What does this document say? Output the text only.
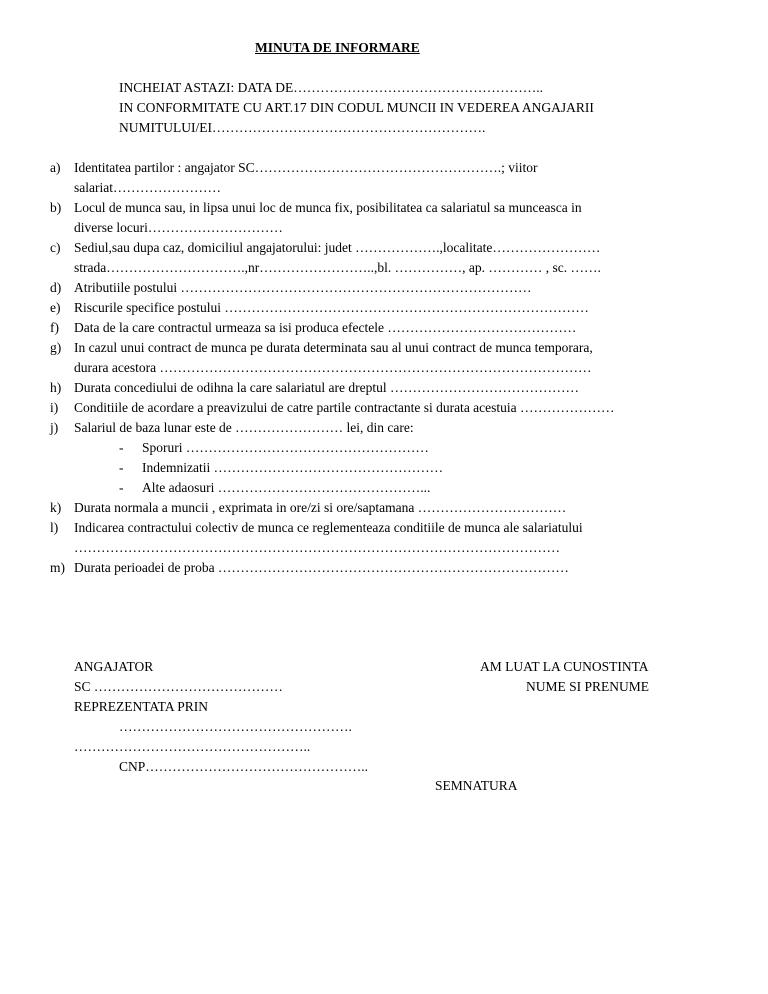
MINUTA DE INFORMARE
INCHEIAT ASTAZI: DATA DE………………………………………………..
IN CONFORMITATE CU ART.17 DIN CODUL MUNCII IN VEDEREA ANGAJARII
NUMITULUI/EI…………………………………………………….
a) Identitatea partilor : angajator SC……………………………………………….; viitor
salariat……………………
b) Locul de munca sau, in lipsa unui loc de munca fix, posibilitatea ca salariatul sa munceasca in
diverse locuri…………………………
c) Sediul,sau dupa caz, domiciliul angajatorului: judet ……………….,localitate……………………
strada………………………….,nr……………………..,bl. ……………, ap. ………… , sc. …….
d) Atributiile postului ……………………………………………………………………
e) Riscurile specifice postului ………………………………………………………………………
f) Data de la care contractul urmeaza sa isi produca efectele ……………………………………
g) In cazul unui contract de munca pe durata determinata sau al unui contract de munca temporara,
durara acestora ……………………………………………………………………………………
h) Durata concediului de odihna la care salariatul are dreptul ……………………………………
i) Conditiile de acordare a preavizului de catre partile contractante si durata acestuia …………………
j) Salariul de baza lunar este de …………………… lei, din care:
- Sporuri ………………………………………………
- Indemnizatii ……………………………………………
- Alte adaosuri ………………………………………...
k) Durata normala a muncii , exprimata in ore/zi si ore/saptamana ……………………………
l) Indicarea contractului colectiv de munca ce reglementeaza conditiile de munca ale salariatului
………………………………………………………………………………………………
m) Durata perioadei de proba ……………………………………………………………………
ANGAJATOR
SC ……………………………………
REPREZENTATA PRIN
…………………………………………….
……………………………………………..
CNP…………………………………………..
AM LUAT LA CUNOSTINTA
NUME SI PRENUME
SEMNATURA
